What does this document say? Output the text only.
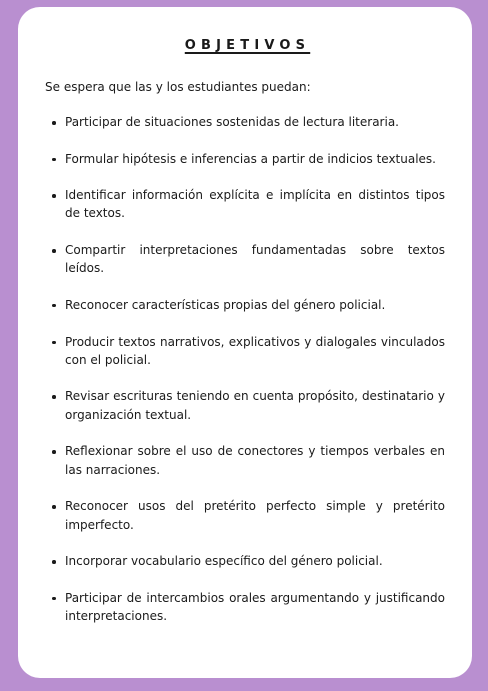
OBJETIVOS
Se espera que las y los estudiantes puedan:
Participar de situaciones sostenidas de lectura literaria.
Formular hipótesis e inferencias a partir de indicios textuales.
Identificar información explícita e implícita en distintos tipos de textos.
Compartir interpretaciones fundamentadas sobre textos leídos.
Reconocer características propias del género policial.
Producir textos narrativos, explicativos y dialogales vinculados con el policial.
Revisar escrituras teniendo en cuenta propósito, destinatario y organización textual.
Reflexionar sobre el uso de conectores y tiempos verbales en las narraciones.
Reconocer usos del pretérito perfecto simple y pretérito imperfecto.
Incorporar vocabulario específico del género policial.
Participar de intercambios orales argumentando y justificando interpretaciones.
